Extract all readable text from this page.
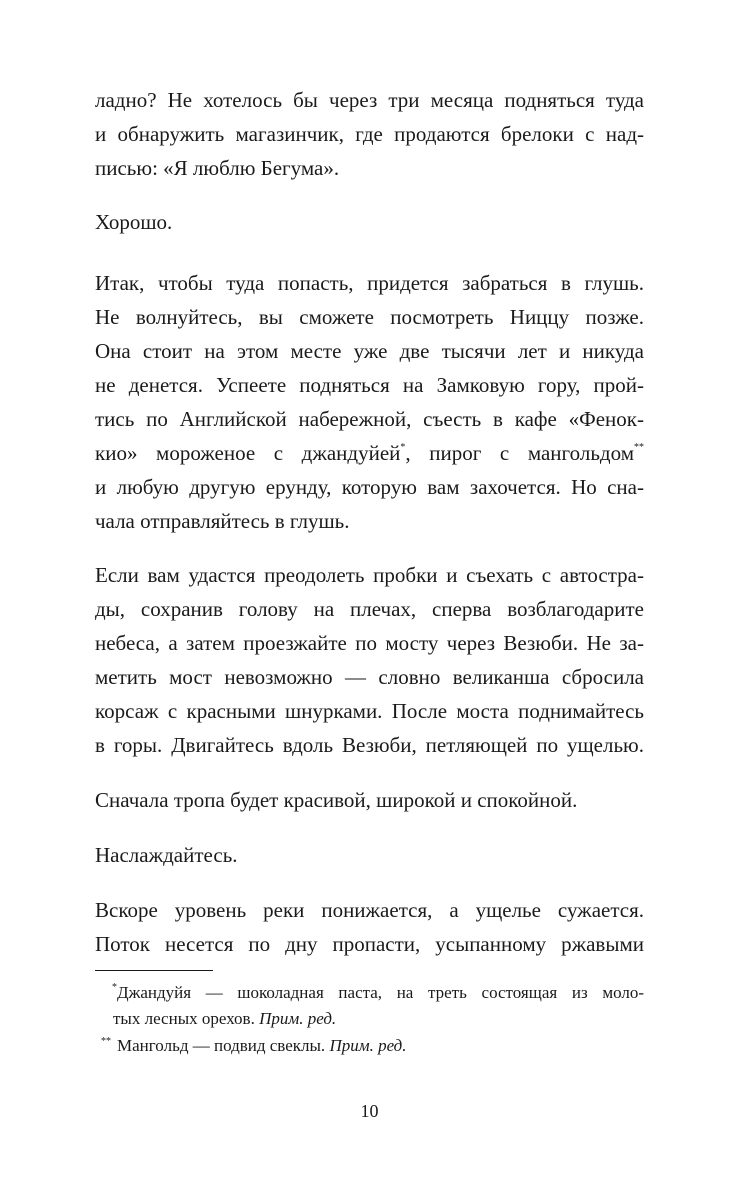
ладно? Не хотелось бы через три месяца подняться туда
и обнаружить магазинчик, где продаются брелоки с над-
писью: «Я люблю Бегума».
Хорошо.
Итак, чтобы туда попасть, придется забраться в глушь.
Не волнуйтесь, вы сможете посмотреть Ниццу позже.
Она стоит на этом месте уже две тысячи лет и никуда
не денется. Успеете подняться на Замковую гору, прой-
тись по Английской набережной, съесть в кафе «Фенок-
кио» мороженое с джандуйей*, пирог с мангольдом**
и любую другую ерунду, которую вам захочется. Но сна-
чала отправляйтесь в глушь.
Если вам удастся преодолеть пробки и съехать с автостра-
ды, сохранив голову на плечах, сперва возблагодарите
небеса, а затем проезжайте по мосту через Везюби. Не за-
метить мост невозможно — словно великанша сбросила
корсаж с красными шнурками. После моста поднимайтесь
в горы. Двигайтесь вдоль Везюби, петляющей по ущелью.
Сначала тропа будет красивой, широкой и спокойной.
Наслаждайтесь.
Вскоре уровень реки понижается, а ущелье сужается.
Поток несется по дну пропасти, усыпанному ржавыми
* Джандуйя — шоколадная паста, на треть состоящая из моло-
тых лесных орехов. Прим. ред.
** Мангольд — подвид свеклы. Прим. ред.
10
